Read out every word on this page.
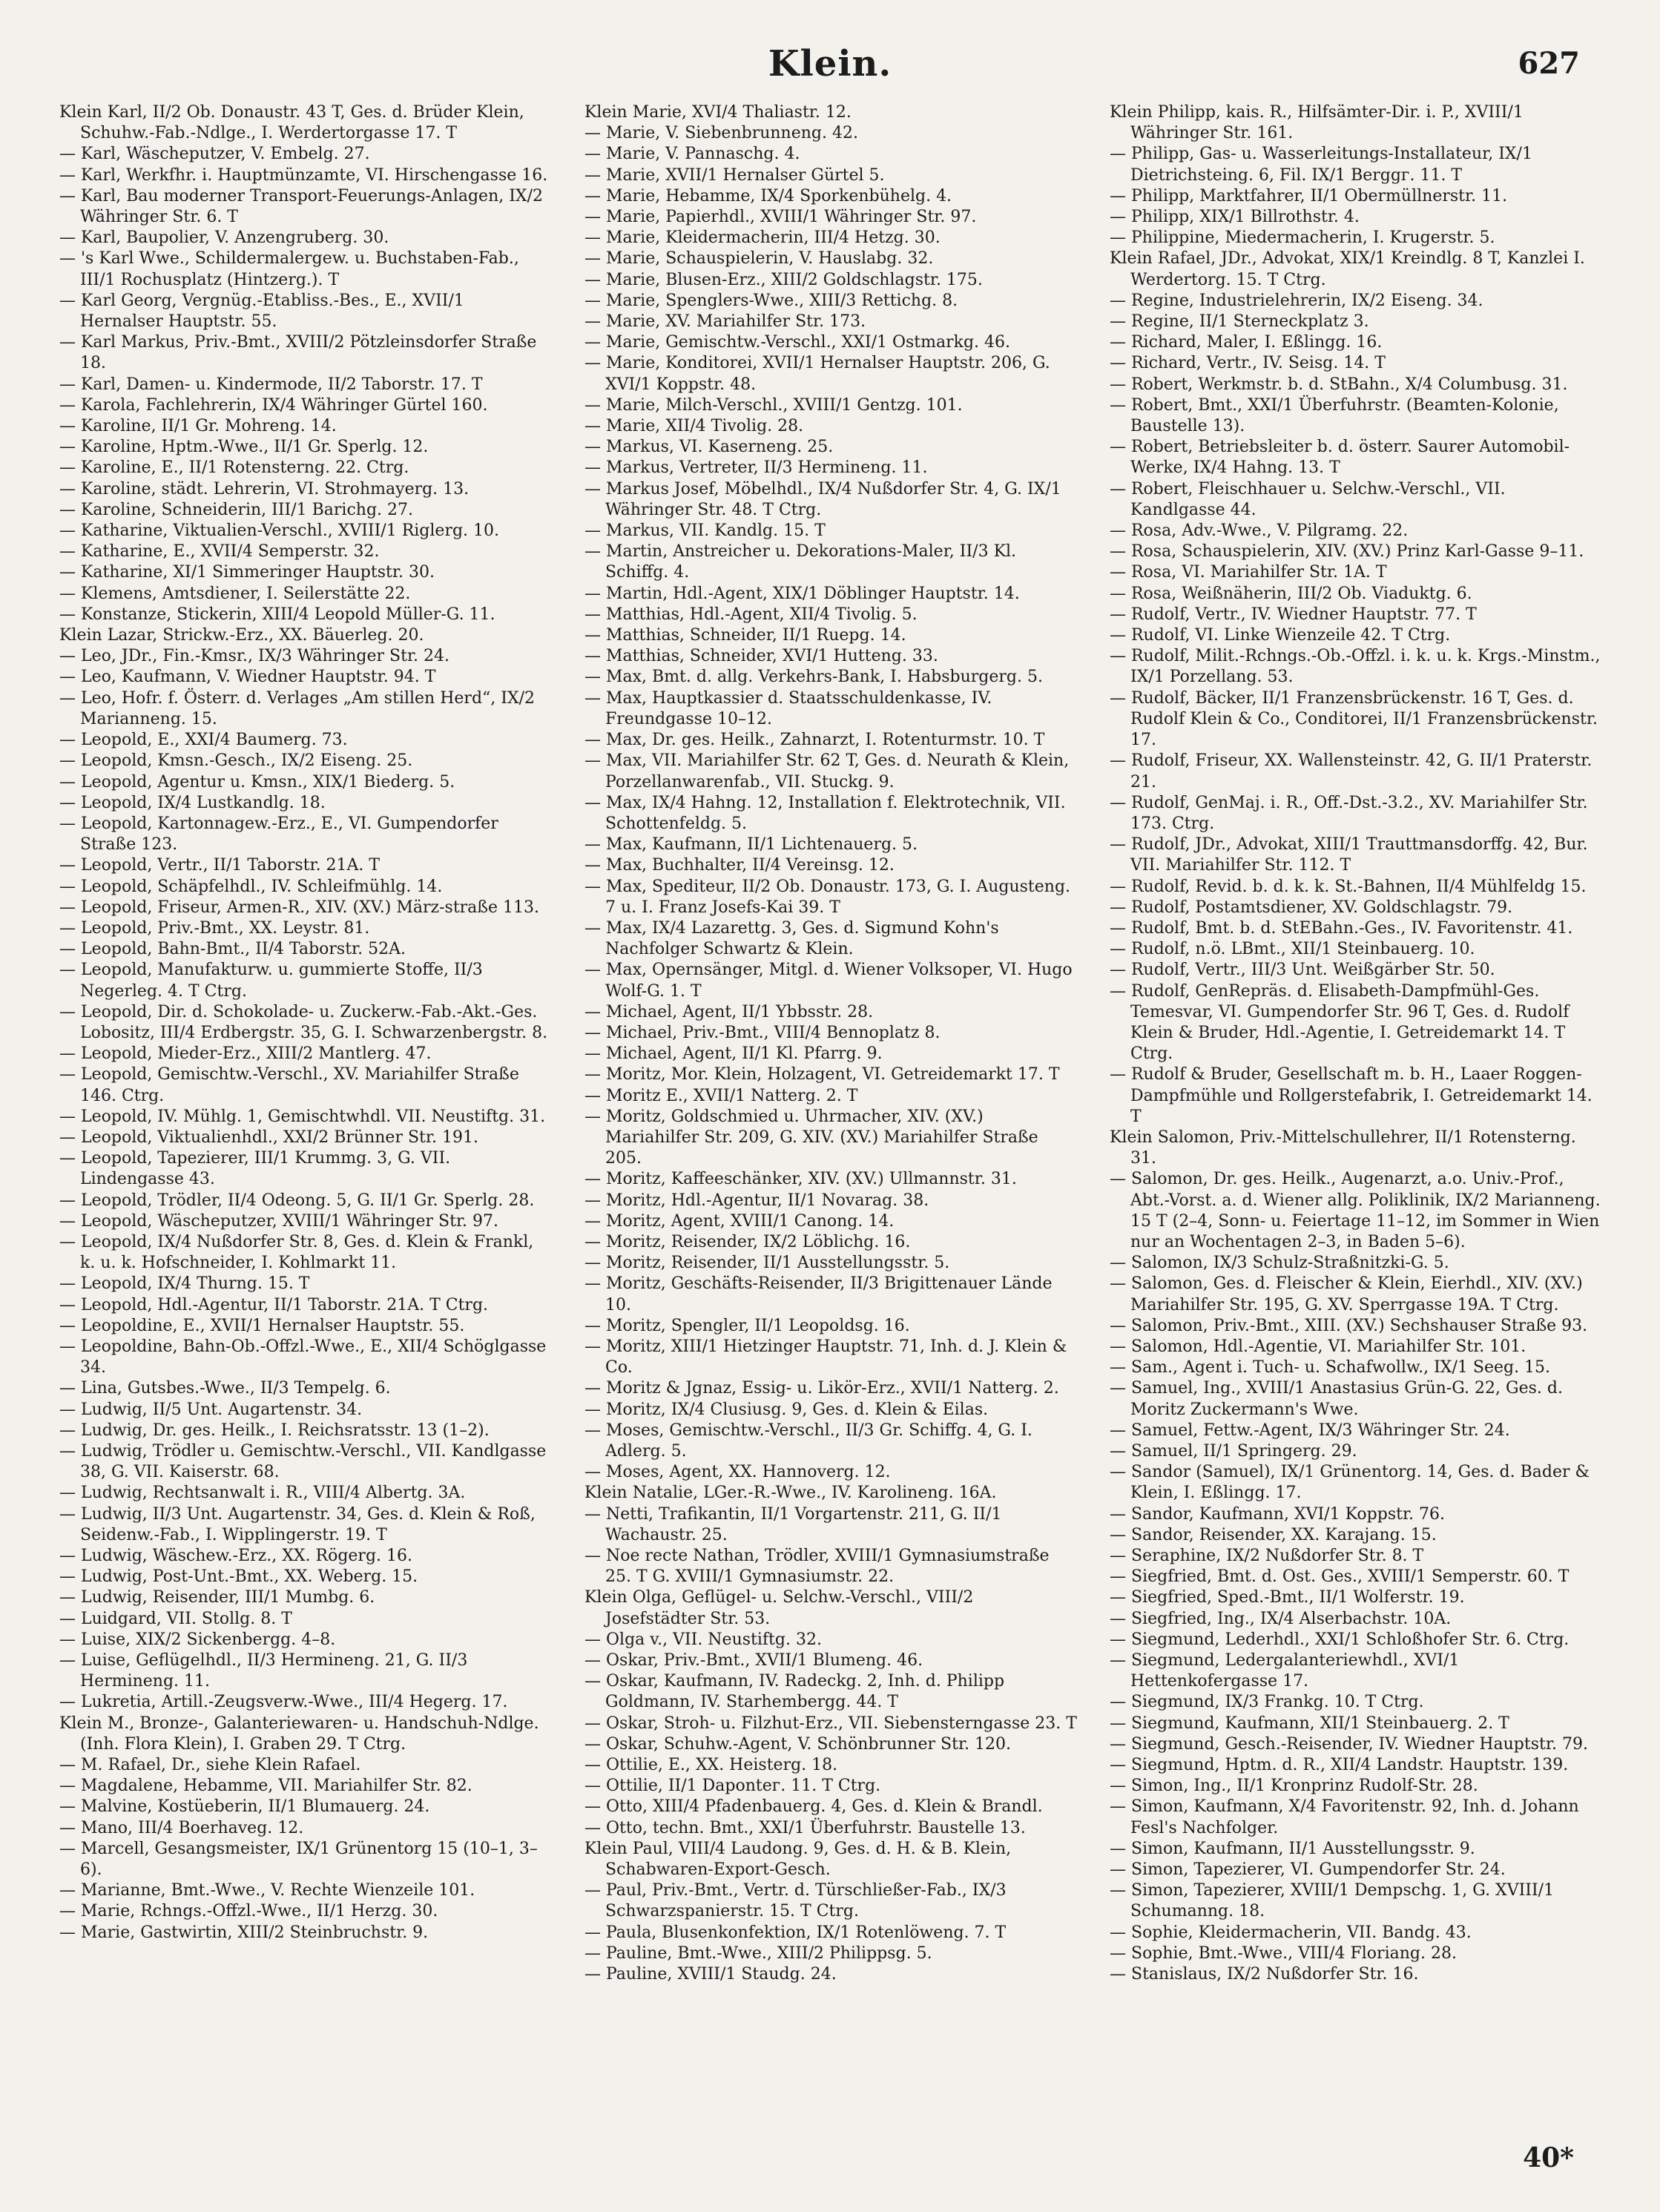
Klein.	627
Klein Karl, II/2 Ob. Donaustr. 43 T, Ges. d. Brüder Klein, Schuhw.-Fab.-Ndlge., I. Werdertorgasse 17. T
— Karl, Wäscheputzer, V. Embelg. 27.
— Karl, Werkfhr. i. Hauptmünzamte, VI. Hirschengasse 16.
— Karl, Bau moderner Transport-Feuerungs-Anlagen, IX/2 Währinger Str. 6. T
— Karl, Baupolier, V. Anzengruberg. 30.
— 's Karl Wwe., Schildermalergew. u. Buchstaben-Fab., III/1 Rochusplatz (Hintzerg.). T
— Karl Georg, Vergnüg.-Etabliss.-Bes., E., XVII/1 Hernalser Hauptstr. 55.
— Karl Markus, Priv.-Bmt., XVIII/2 Pötzleinsdorfer Straße 18.
— Karl, Damen- u. Kindermode, II/2 Taborstr. 17. T
— Karola, Fachlehrerin, IX/4 Währinger Gürtel 160.
— Karoline, II/1 Gr. Mohreng. 14.
— Karoline, Hptm.-Wwe., II/1 Gr. Sperlg. 12.
— Karoline, E., II/1 Rotensterng. 22. Ctrg.
— Karoline, städt. Lehrerin, VI. Strohmayerg. 13.
— Karoline, Schneiderin, III/1 Barichg. 27.
— Katharine, Viktualien-Verschl., XVIII/1 Riglerg. 10.
— Katharine, E., XVII/4 Semperstr. 32.
— Katharine, XI/1 Simmeringer Hauptstr. 30.
— Klemens, Amtsdiener, I. Seilerstätte 22.
— Konstanze, Stickerin, XIII/4 Leopold Müller-G. 11.
Klein Lazar, Strickw.-Erz., XX. Bäuerleg. 20.
— Leo, JDr., Fin.-Kmsr., IX/3 Währinger Str. 24.
— Leo, Kaufmann, V. Wiedner Hauptstr. 94. T
— Leo, Hofr. f. Österr. d. Verlages „Am stillen Herd“, IX/2 Marianneng. 15.
— Leopold, E., XXI/4 Baumerg. 73.
— Leopold, Kmsn.-Gesch., IX/2 Eiseng. 25.
— Leopold, Agentur u. Kmsn., XIX/1 Biederg. 5.
— Leopold, IX/4 Lustkandlg. 18.
— Leopold, Kartonnagew.-Erz., E., VI. Gumpendorfer Straße 123.
— Leopold, Vertr., II/1 Taborstr. 21A. T
— Leopold, Schäpfelhdl., IV. Schleifmühlg. 14.
— Leopold, Friseur, Armen-R., XIV. (XV.) März-straße 113.
— Leopold, Priv.-Bmt., XX. Leystr. 81.
— Leopold, Bahn-Bmt., II/4 Taborstr. 52A.
— Leopold, Manufakturw. u. gummierte Stoffe, II/3 Negerleg. 4. T Ctrg.
— Leopold, Dir. d. Schokolade- u. Zuckerw.-Fab.-Akt.-Ges. Lobositz, III/4 Erdbergstr. 35, G. I. Schwarzenbergstr. 8.
— Leopold, Mieder-Erz., XIII/2 Mantlerg. 47.
— Leopold, Gemischtw.-Verschl., XV. Mariahilfer Straße 146. Ctrg.
— Leopold, IV. Mühlg. 1, Gemischtwhdl. VII. Neustiftg. 31.
— Leopold, Viktualienhdl., XXI/2 Brünner Str. 191.
— Leopold, Tapezierer, III/1 Krummg. 3, G. VII. Lindengasse 43.
— Leopold, Trödler, II/4 Odeong. 5, G. II/1 Gr. Sperlg. 28.
— Leopold, Wäscheputzer, XVIII/1 Währinger Str. 97.
— Leopold, IX/4 Nußdorfer Str. 8, Ges. d. Klein & Frankl, k. u. k. Hofschneider, I. Kohlmarkt 11.
— Leopold, IX/4 Thurng. 15. T
— Leopold, Hdl.-Agentur, II/1 Taborstr. 21A. T Ctrg.
— Leopoldine, E., XVII/1 Hernalser Hauptstr. 55.
— Leopoldine, Bahn-Ob.-Offzl.-Wwe., E., XII/4 Schöglgasse 34.
— Lina, Gutsbes.-Wwe., II/3 Tempelg. 6.
— Ludwig, II/5 Unt. Augartenstr. 34.
— Ludwig, Dr. ges. Heilk., I. Reichsratsstr. 13 (1–2).
— Ludwig, Trödler u. Gemischtw.-Verschl., VII. Kandlgasse 38, G. VII. Kaiserstr. 68.
— Ludwig, Rechtsanwalt i. R., VIII/4 Albertg. 3A.
— Ludwig, II/3 Unt. Augartenstr. 34, Ges. d. Klein & Roß, Seidenw.-Fab., I. Wipplingerstr. 19. T
— Ludwig, Wäschew.-Erz., XX. Rögerg. 16.
— Ludwig, Post-Unt.-Bmt., XX. Weberg. 15.
— Ludwig, Reisender, III/1 Mumbg. 6.
— Luidgard, VII. Stollg. 8. T
— Luise, XIX/2 Sickenbergg. 4–8.
— Luise, Geflügelhdl., II/3 Hermineng. 21, G. II/3 Hermineng. 11.
— Lukretia, Artill.-Zeugsverw.-Wwe., III/4 Hegerg. 17.
Klein M., Bronze-, Galanteriewaren- u. Handschuh-Ndlge. (Inh. Flora Klein), I. Graben 29. T Ctrg.
— M. Rafael, Dr., siehe Klein Rafael.
— Magdalene, Hebamme, VII. Mariahilfer Str. 82.
— Malvine, Kostüeberin, II/1 Blumauerg. 24.
— Mano, III/4 Boerhaveg. 12.
— Marcell, Gesangsmeister, IX/1 Grünentorg 15 (10–1, 3–6).
— Marianne, Bmt.-Wwe., V. Rechte Wienzeile 101.
— Marie, Rchngs.-Offzl.-Wwe., II/1 Herzg. 30.
— Marie, Gastwirtin, XIII/2 Steinbruchstr. 9.
Klein Marie, XVI/4 Thaliastr. 12.
— Marie, V. Siebenbrunneng. 42.
— Marie, V. Pannaschg. 4.
— Marie, XVII/1 Hernalser Gürtel 5.
— Marie, Hebamme, IX/4 Sporkenbühelg. 4.
— Marie, Papierhdl., XVIII/1 Währinger Str. 97.
— Marie, Kleidermacherin, III/4 Hetzg. 30.
— Marie, Schauspielerin, V. Hauslabg. 32.
— Marie, Blusen-Erz., XIII/2 Goldschlagstr. 175.
— Marie, Spenglers-Wwe., XIII/3 Rettichg. 8.
— Marie, XV. Mariahilfer Str. 173.
— Marie, Gemischtw.-Verschl., XXI/1 Ostmarkg. 46.
— Marie, Konditorei, XVII/1 Hernalser Hauptstr. 206, G. XVI/1 Koppstr. 48.
— Marie, Milch-Verschl., XVIII/1 Gentzg. 101.
— Marie, XII/4 Tivolig. 28.
— Markus, VI. Kaserneng. 25.
— Markus, Vertreter, II/3 Hermineng. 11.
— Markus Josef, Möbelhdl., IX/4 Nußdorfer Str. 4, G. IX/1 Währinger Str. 48. T Ctrg.
— Markus, VII. Kandlg. 15. T
— Martin, Anstreicher u. Dekorations-Maler, II/3 Kl. Schiffg. 4.
— Martin, Hdl.-Agent, XIX/1 Döblinger Hauptstr. 14.
— Matthias, Hdl.-Agent, XII/4 Tivolig. 5.
— Matthias, Schneider, II/1 Ruepg. 14.
— Matthias, Schneider, XVI/1 Hutteng. 33.
— Max, Bmt. d. allg. Verkehrs-Bank, I. Habsburgerg. 5.
— Max, Hauptkassier d. Staatsschuldenkasse, IV. Freundgasse 10–12.
— Max, Dr. ges. Heilk., Zahnarzt, I. Rotenturmstr. 10. T
— Max, VII. Mariahilfer Str. 62 T, Ges. d. Neurath & Klein, Porzellanwarenfab., VII. Stuckg. 9.
— Max, IX/4 Hahng. 12, Installation f. Elektrotechnik, VII. Schottenfeldg. 5.
— Max, Kaufmann, II/1 Lichtenauerg. 5.
— Max, Buchhalter, II/4 Vereinsg. 12.
— Max, Spediteur, II/2 Ob. Donaustr. 173, G. I. Augusteng. 7 u. I. Franz Josefs-Kai 39. T
— Max, IX/4 Lazarettg. 3, Ges. d. Sigmund Kohn's Nachfolger Schwartz & Klein.
— Max, Opernsänger, Mitgl. d. Wiener Volksoper, VI. Hugo Wolf-G. 1. T
— Michael, Agent, II/1 Ybbsstr. 28.
— Michael, Priv.-Bmt., VIII/4 Bennoplatz 8.
— Michael, Agent, II/1 Kl. Pfarrg. 9.
— Moritz, Mor. Klein, Holzagent, VI. Getreidemarkt 17. T
— Moritz E., XVII/1 Natterg. 2. T
— Moritz, Goldschmied u. Uhrmacher, XIV. (XV.) Mariahilfer Str. 209, G. XIV. (XV.) Mariahilfer Straße 205.
— Moritz, Kaffeeschänker, XIV. (XV.) Ullmannstr. 31.
— Moritz, Hdl.-Agentur, II/1 Novarag. 38.
— Moritz, Agent, XVIII/1 Canong. 14.
— Moritz, Reisender, IX/2 Löblichg. 16.
— Moritz, Reisender, II/1 Ausstellungsstr. 5.
— Moritz, Geschäfts-Reisender, II/3 Brigittenauer Lände 10.
— Moritz, Spengler, II/1 Leopoldsg. 16.
— Moritz, XIII/1 Hietzinger Hauptstr. 71, Inh. d. J. Klein & Co.
— Moritz & Jgnaz, Essig- u. Likör-Erz., XVII/1 Natterg. 2.
— Moritz, IX/4 Clusiusg. 9, Ges. d. Klein & Eilas.
— Moses, Gemischtw.-Verschl., II/3 Gr. Schiffg. 4, G. I. Adlerg. 5.
— Moses, Agent, XX. Hannoverg. 12.
Klein Natalie, LGer.-R.-Wwe., IV. Karolineng. 16A.
— Netti, Trafikantin, II/1 Vorgartenstr. 211, G. II/1 Wachaustr. 25.
— Noe recte Nathan, Trödler, XVIII/1 Gymnasiumstraße 25. T G. XVIII/1 Gymnasiumstr. 22.
Klein Olga, Geflügel- u. Selchw.-Verschl., VIII/2 Josefstädter Str. 53.
— Olga v., VII. Neustiftg. 32.
— Oskar, Priv.-Bmt., XVII/1 Blumeng. 46.
— Oskar, Kaufmann, IV. Radeckg. 2, Inh. d. Philipp Goldmann, IV. Starhembergg. 44. T
— Oskar, Stroh- u. Filzhut-Erz., VII. Siebensterngasse 23. T
— Oskar, Schuhw.-Agent, V. Schönbrunner Str. 120.
— Ottilie, E., XX. Heisterg. 18.
— Ottilie, II/1 Dapontег. 11. T Ctrg.
— Otto, XIII/4 Pfadenbauerg. 4, Ges. d. Klein & Brandl.
— Otto, techn. Bmt., XXI/1 Überfuhrstr. Baustelle 13.
Klein Paul, VIII/4 Laudong. 9, Ges. d. H. & B. Klein, Schabwaren-Export-Gesch.
— Paul, Priv.-Bmt., Vertr. d. Türschließer-Fab., IX/3 Schwarzspanierstr. 15. T Ctrg.
— Paula, Blusenkonfektion, IX/1 Rotenlöweng. 7. T
— Pauline, Bmt.-Wwe., XIII/2 Philippsg. 5.
— Pauline, XVIII/1 Staudg. 24.
Klein Philipp, kais. R., Hilfsämter-Dir. i. P., XVIII/1 Währinger Str. 161.
— Philipp, Gas- u. Wasserleitungs-Installateur, IX/1 Dietrichsteing. 6, Fil. IX/1 Berggг. 11. T
— Philipp, Marktfahrer, II/1 Obermüllnerstr. 11.
— Philipp, XIX/1 Billrothstr. 4.
— Philippine, Miedermacherin, I. Krugerstr. 5.
Klein Rafael, JDr., Advokat, XIX/1 Kreindlg. 8 T, Kanzlei I. Werdertorg. 15. T Ctrg.
— Regine, Industrielehrerin, IX/2 Eiseng. 34.
— Regine, II/1 Sterneckplatz 3.
— Richard, Maler, I. Eßlingg. 16.
— Richard, Vertr., IV. Seisg. 14. T
— Robert, Werkmstr. b. d. StBahn., X/4 Columbusg. 31.
— Robert, Bmt., XXI/1 Überfuhrstr. (Beamten-Kolonie, Baustelle 13).
— Robert, Betriebsleiter b. d. österr. Saurer Automobil-Werke, IX/4 Hahng. 13. T
— Robert, Fleischhauer u. Selchw.-Verschl., VII. Kandlgasse 44.
— Rosa, Adv.-Wwe., V. Pilgramg. 22.
— Rosa, Schauspielerin, XIV. (XV.) Prinz Karl-Gasse 9–11.
— Rosa, VI. Mariahilfer Str. 1A. T
— Rosa, Weißnäherin, III/2 Ob. Viaduktg. 6.
— Rudolf, Vertr., IV. Wiedner Hauptstr. 77. T
— Rudolf, VI. Linke Wienzeile 42. T Ctrg.
— Rudolf, Milit.-Rchngs.-Ob.-Offzl. i. k. u. k. Krgs.-Minstm., IX/1 Porzellang. 53.
— Rudolf, Bäcker, II/1 Franzensbrückenstr. 16 T, Ges. d. Rudolf Klein & Co., Conditorei, II/1 Franzensbrückenstr. 17.
— Rudolf, Friseur, XX. Wallensteinstr. 42, G. II/1 Praterstr. 21.
— Rudolf, GenMaj. i. R., Off.-Dst.-3.2., XV. Mariahilfer Str. 173. Ctrg.
— Rudolf, JDr., Advokat, XIII/1 Trauttmansdorffg. 42, Bur. VII. Mariahilfer Str. 112. T
— Rudolf, Revid. b. d. k. k. St.-Bahnen, II/4 Mühlfeldg 15.
— Rudolf, Postamtsdiener, XV. Goldschlagstr. 79.
— Rudolf, Bmt. b. d. StEBahn.-Ges., IV. Favoritenstr. 41.
— Rudolf, n.ö. LBmt., XII/1 Steinbauerg. 10.
— Rudolf, Vertr., III/3 Unt. Weißgärber Str. 50.
— Rudolf, GenRepräs. d. Elisabeth-Dampfmühl-Ges. Temesvar, VI. Gumpendorfer Str. 96 T, Ges. d. Rudolf Klein & Bruder, Hdl.-Agentie, I. Getreidemarkt 14. T Ctrg.
— Rudolf & Bruder, Gesellschaft m. b. H., Laaer Roggen-Dampfmühle und Rollgerstefabrik, I. Getreidemarkt 14. T
Klein Salomon, Priv.-Mittelschullehrer, II/1 Rotensterng. 31.
— Salomon, Dr. ges. Heilk., Augenarzt, a.o. Univ.-Prof., Abt.-Vorst. a. d. Wiener allg. Poliklinik, IX/2 Marianneng. 15 T (2–4, Sonn- u. Feiertage 11–12, im Sommer in Wien nur an Wochentagen 2–3, in Baden 5–6).
— Salomon, IX/3 Schulz-Straßnitzki-G. 5.
— Salomon, Ges. d. Fleischer & Klein, Eierhdl., XIV. (XV.) Mariahilfer Str. 195, G. XV. Sperrgasse 19A. T Ctrg.
— Salomon, Priv.-Bmt., XIII. (XV.) Sechshauser Straße 93.
— Salomon, Hdl.-Agentie, VI. Mariahilfer Str. 101.
— Sam., Agent i. Tuch- u. Schafwollw., IX/1 Seeg. 15.
— Samuel, Ing., XVIII/1 Anastasius Grün-G. 22, Ges. d. Moritz Zuckermann's Wwe.
— Samuel, Fettw.-Agent, IX/3 Währinger Str. 24.
— Samuel, II/1 Springerg. 29.
— Sandor (Samuel), IX/1 Grünentorg. 14, Ges. d. Bader & Klein, I. Eßlingg. 17.
— Sandor, Kaufmann, XVI/1 Koppstr. 76.
— Sandor, Reisender, XX. Karajang. 15.
— Seraphine, IX/2 Nußdorfer Str. 8. T
— Siegfried, Bmt. d. Ost. Ges., XVIII/1 Semperstr. 60. T
— Siegfried, Sped.-Bmt., II/1 Wolferstr. 19.
— Siegfried, Ing., IX/4 Alserbachstr. 10A.
— Siegmund, Lederhdl., XXI/1 Schloßhofer Str. 6. Ctrg.
— Siegmund, Ledergalanteriewhdl., XVI/1 Hettenkofergasse 17.
— Siegmund, IX/3 Frankg. 10. T Ctrg.
— Siegmund, Kaufmann, XII/1 Steinbauerg. 2. T
— Siegmund, Gesch.-Reisender, IV. Wiedner Hauptstr. 79.
— Siegmund, Hptm. d. R., XII/4 Landstr. Hauptstr. 139.
— Simon, Ing., II/1 Kronprinz Rudolf-Str. 28.
— Simon, Kaufmann, X/4 Favoritenstr. 92, Inh. d. Johann Fesl's Nachfolger.
— Simon, Kaufmann, II/1 Ausstellungsstr. 9.
— Simon, Tapezierer, VI. Gumpendorfer Str. 24.
— Simon, Tapezierer, XVIII/1 Dempschg. 1, G. XVIII/1 Schumanng. 18.
— Sophie, Kleidermacherin, VII. Bandg. 43.
— Sophie, Bmt.-Wwe., VIII/4 Floriang. 28.
— Stanislaus, IX/2 Nußdorfer Str. 16.
40*
